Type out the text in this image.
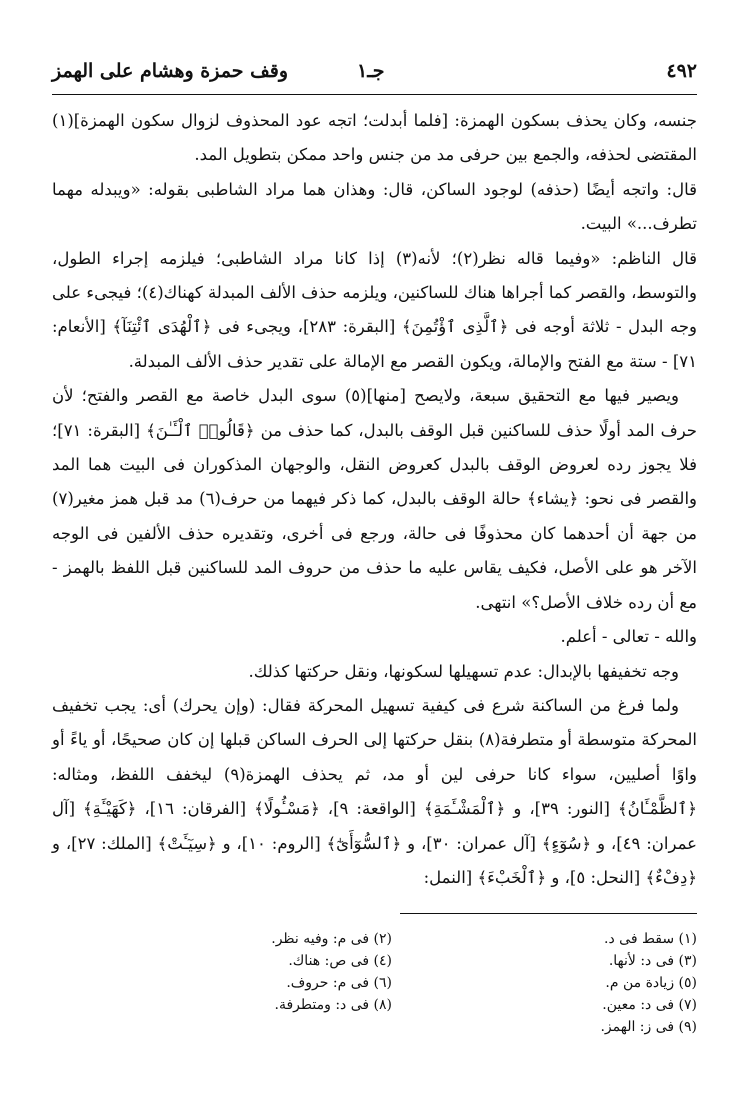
٤٩٢
جـ١
وقف حمزة وهشام على الهمز

جنسه، وكان يحذف بسكون الهمزة: [فلما أبدلت؛ اتجه عود المحذوف لزوال سكون الهمزة](١) المقتضى لحذفه، والجمع بين حرفى مد من جنس واحد ممكن بتطويل المد.

قال: واتجه أيضًا (حذفه) لوجود الساكن، قال: وهذان هما مراد الشاطبى بقوله: «ويبدله مهما تطرف...» البيت.

قال الناظم: «وفيما قاله نظر(٢)؛ لأنه(٣) إذا كانا مراد الشاطبى؛ فيلزمه إجراء الطول، والتوسط، والقصر كما أجراها هناك للساكنين، ويلزمه حذف الألف المبدلة كهناك(٤)؛ فيجىء على وجه البدل - ثلاثة أوجه فى ﴿ٱلَّذِى ٱؤْتُمِنَ﴾ [البقرة: ٢٨٣]، ويجىء فى ﴿ٱلْهُدَى ٱئْتِنَآ﴾ [الأنعام: ٧١] - ستة مع الفتح والإمالة، ويكون القصر مع الإمالة على تقدير حذف الألف المبدلة.

ويصير فيها مع التحقيق سبعة، ولايصح [منها](٥) سوى البدل خاصة مع القصر والفتح؛ لأن حرف المد أولًا حذف للساكنين قبل الوقف بالبدل، كما حذف من ﴿قَالُوا۟ ٱلْـَٔـٰنَ﴾ [البقرة: ٧١]؛ فلا يجوز رده لعروض الوقف بالبدل كعروض النقل، والوجهان المذكوران فى البيت هما المد والقصر فى نحو: ﴿يشاء﴾ حالة الوقف بالبدل، كما ذكر فيهما من حرف(٦) مد قبل همز مغير(٧) من جهة أن أحدهما كان محذوفًا فى حالة، ورجع فى أخرى، وتقديره حذف الألفين فى الوجه الآخر هو على الأصل، فكيف يقاس عليه ما حذف من حروف المد للساكنين قبل اللفظ بالهمز - مع أن رده خلاف الأصل؟» انتهى.

والله - تعالى - أعلم.

وجه تخفيفها بالإبدال: عدم تسهيلها لسكونها، ونقل حركتها كذلك.

ولما فرغ من الساكنة شرع فى كيفية تسهيل المحركة فقال: (وإن يحرك) أى: يجب تخفيف المحركة متوسطة أو متطرفة(٨) بنقل حركتها إلى الحرف الساكن قبلها إن كان صحيحًا، أو ياءً أو واوًا أصليين، سواء كانا حرفى لين أو مد، ثم يحذف الهمزة(٩) ليخفف اللفظ، ومثاله: ﴿ٱلظَّمْـَٔانُ﴾ [النور: ٣٩]، و ﴿ٱلْمَشْـَٔمَةِ﴾ [الواقعة: ٩]، ﴿مَسْـُٔولًا﴾ [الفرقان: ١٦]، ﴿كَهَيْـَٔةِ﴾ [آل عمران: ٤٩]، و ﴿سُوٓءٍ﴾ [آل عمران: ٣٠]، و ﴿ٱلسُّوٓأَىٰٓ﴾ [الروم: ١٠]، و ﴿سِيٓـَٔتْ﴾ [الملك: ٢٧]، و ﴿دِفْءٌ﴾ [النحل: ٥]، و ﴿ٱلْخَبْءَ﴾ [النمل:

(١) سقط فى د.
(٣) فى د: لأنها.
(٥) زيادة من م.
(٧) فى د: معين.
(٩) فى ز: الهمز.
(٢) فى م: وفيه نظر.
(٤) فى ص: هناك.
(٦) فى م: حروف.
(٨) فى د: ومتطرفة.
